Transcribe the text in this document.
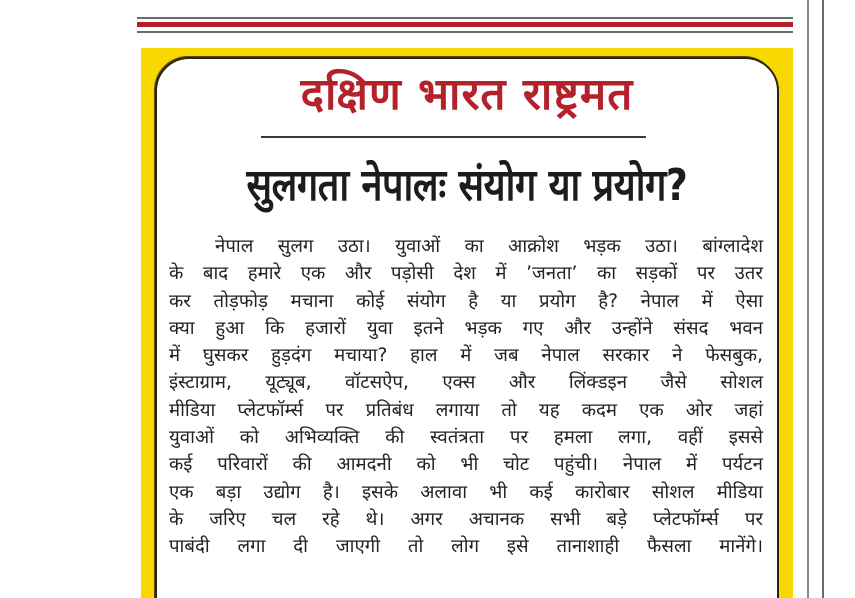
दक्षिण भारत राष्ट्रमत
सुलगता नेपालः संयोग या प्रयोग?
नेपाल सुलग उठा। युवाओं का आक्रोश भड़क उठा। बांग्लादेश
के बाद हमारे एक और पड़ोसी देश में ’जनता’ का सड़कों पर उतर
कर तोड़फोड़ मचाना कोई संयोग है या प्रयोग है? नेपाल में ऐसा
क्या हुआ कि हजारों युवा इतने भड़क गए और उन्होंने संसद भवन
में घुसकर हुड़दंग मचाया? हाल में जब नेपाल सरकार ने फेसबुक,
इंस्टाग्राम, यूट्यूब, वॉटसऐप, एक्स और लिंक्डइन जैसे सोशल
मीडिया प्लेटफॉर्म्स पर प्रतिबंध लगाया तो यह कदम एक ओर जहां
युवाओं को अभिव्यक्ति की स्वतंत्रता पर हमला लगा, वहीं इससे
कई परिवारों की आमदनी को भी चोट पहुंची। नेपाल में पर्यटन
एक बड़ा उद्योग है। इसके अलावा भी कई कारोबार सोशल मीडिया
के जरिए चल रहे थे। अगर अचानक सभी बड़े प्लेटफॉर्म्स पर
पाबंदी लगा दी जाएगी तो लोग इसे तानाशाही फैसला मानेंगे।
